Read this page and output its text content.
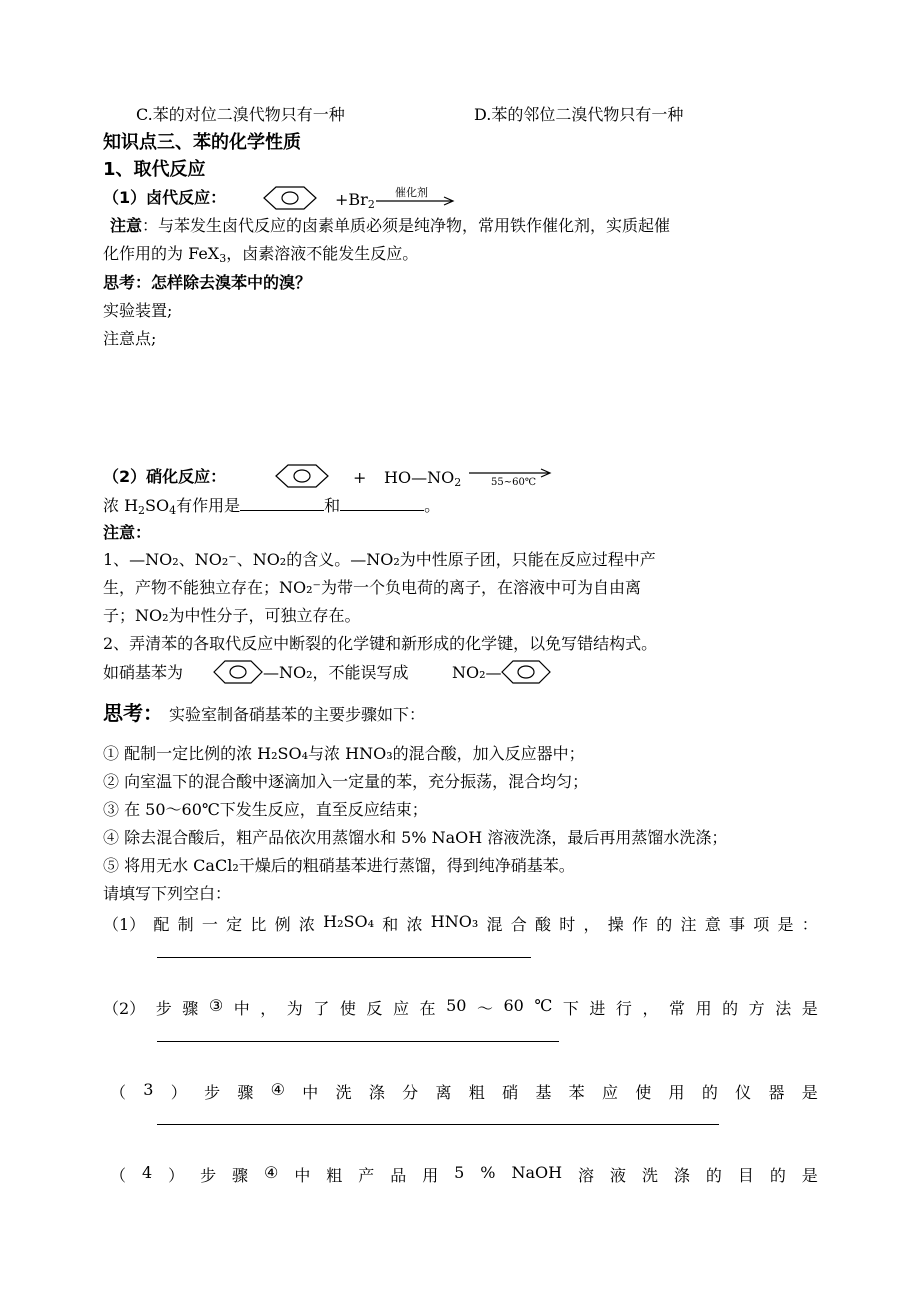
C.苯的对位二溴代物只有一种	D.苯的邻位二溴代物只有一种
知识点三、苯的化学性质
1、取代反应
（1）卤代反应：	$+Br_2$
催化剂
注意：与苯发生卤代反应的卤素单质必须是纯净物，常用铁作催化剂，实质起催
化作用的为 FeX$_3$，卤素溶液不能发生反应。
思考：怎样除去溴苯中的溴？
实验装置;
注意点;
（2）硝化反应：	+ $HO—NO_2$	55~60℃
浓 $H_2SO_4$有作用是	和	。
注意：
1、—NO₂、NO₂⁻、NO₂的含义。—NO₂为中性原子团，只能在反应过程中产
生，产物不能独立存在；NO₂⁻为带一个负电荷的离子，在溶液中可为自由离
子；NO₂为中性分子，可独立存在。
2、弄清苯的各取代反应中断裂的化学键和新形成的化学键，以免写错结构式。
如硝基苯为	—NO₂，不能误写成	NO₂—
思考： 实验室制备硝基苯的主要步骤如下：
① 配制一定比例的浓 H₂SO₄与浓 HNO₃的混合酸，加入反应器中；
② 向室温下的混合酸中逐滴加入一定量的苯，充分振荡，混合均匀；
③ 在 50～60℃下发生反应，直至反应结束；
④ 除去混合酸后，粗产品依次用蒸馏水和 5% NaOH 溶液洗涤，最后再用蒸馏水洗涤；
⑤ 将用无水 CaCl₂干燥后的粗硝基苯进行蒸馏，得到纯净硝基苯。
请填写下列空白：
（1） 配 制 一 定 比 例 浓 H₂SO₄ 和 浓 HNO₃ 混 合 酸 时 ， 操 作 的 注 意 事 项 是 ：
（2） 步 骤 ③ 中 ， 为 了 使 反 应 在 50 ～ 60 ℃ 下 进 行 ， 常 用 的 方 法 是
（ 3 ） 步 骤 ④ 中 洗 涤 分 离 粗 硝 基 苯 应 使 用 的 仪 器 是
（ 4 ） 步 骤 ④ 中 粗 产 品 用 5 % NaOH 溶 液 洗 涤 的 目 的 是
